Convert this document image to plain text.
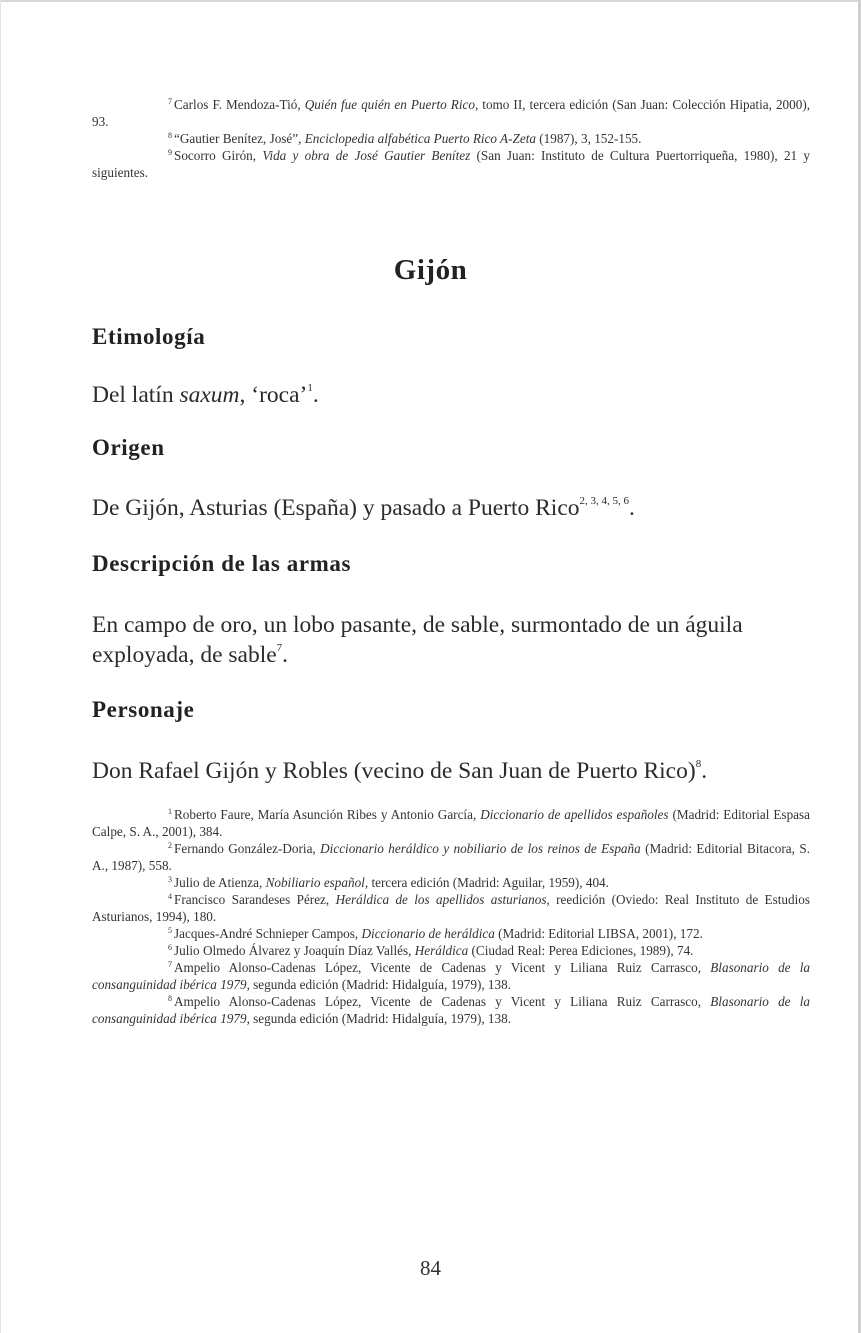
$^7$ Carlos F. Mendoza-Tió, Quién fue quién en Puerto Rico, tomo II, tercera edición (San Juan: Colección Hipatia, 2000), 93.

$^8$ “Gautier Benítez, José”, Enciclopedia alfabética Puerto Rico A-Zeta (1987), 3, 152-155.

$^9$ Socorro Girón, Vida y obra de José Gautier Benítez (San Juan: Instituto de Cultura Puertorriqueña, 1980), 21 y siguientes.

Gijón
Etimología

Del latín saxum, ‘roca’$^1$.

Origen

De Gijón, Asturias (España) y pasado a Puerto Rico$^{2, 3, 4, 5, 6}$.

Descripción de las armas

En campo de oro, un lobo pasante, de sable, surmontado de un águila exployada, de sable$^7$.

Personaje

Don Rafael Gijón y Robles (vecino de San Juan de Puerto Rico)$^8$.

$^1$ Roberto Faure, María Asunción Ribes y Antonio García, Diccionario de apellidos españoles (Madrid: Editorial Espasa Calpe, S. A., 2001), 384.

$^2$ Fernando González-Doria, Diccionario heráldico y nobiliario de los reinos de España (Madrid: Editorial Bitacora, S. A., 1987), 558.

$^3$ Julio de Atienza, Nobiliario español, tercera edición (Madrid: Aguilar, 1959), 404.

$^4$ Francisco Sarandeses Pérez, Heráldica de los apellidos asturianos, reedición (Oviedo: Real Instituto de Estudios Asturianos, 1994), 180.

$^5$ Jacques-André Schnieper Campos, Diccionario de heráldica (Madrid: Editorial LIBSA, 2001), 172.

$^6$ Julio Olmedo Álvarez y Joaquín Díaz Vallés, Heráldica (Ciudad Real: Perea Ediciones, 1989), 74.

$^7$ Ampelio Alonso-Cadenas López, Vicente de Cadenas y Vicent y Liliana Ruiz Carrasco, Blasonario de la consanguinidad ibérica 1979, segunda edición (Madrid: Hidalguía, 1979), 138.

$^8$ Ampelio Alonso-Cadenas López, Vicente de Cadenas y Vicent y Liliana Ruiz Carrasco, Blasonario de la consanguinidad ibérica 1979, segunda edición (Madrid: Hidalguía, 1979), 138.

84
